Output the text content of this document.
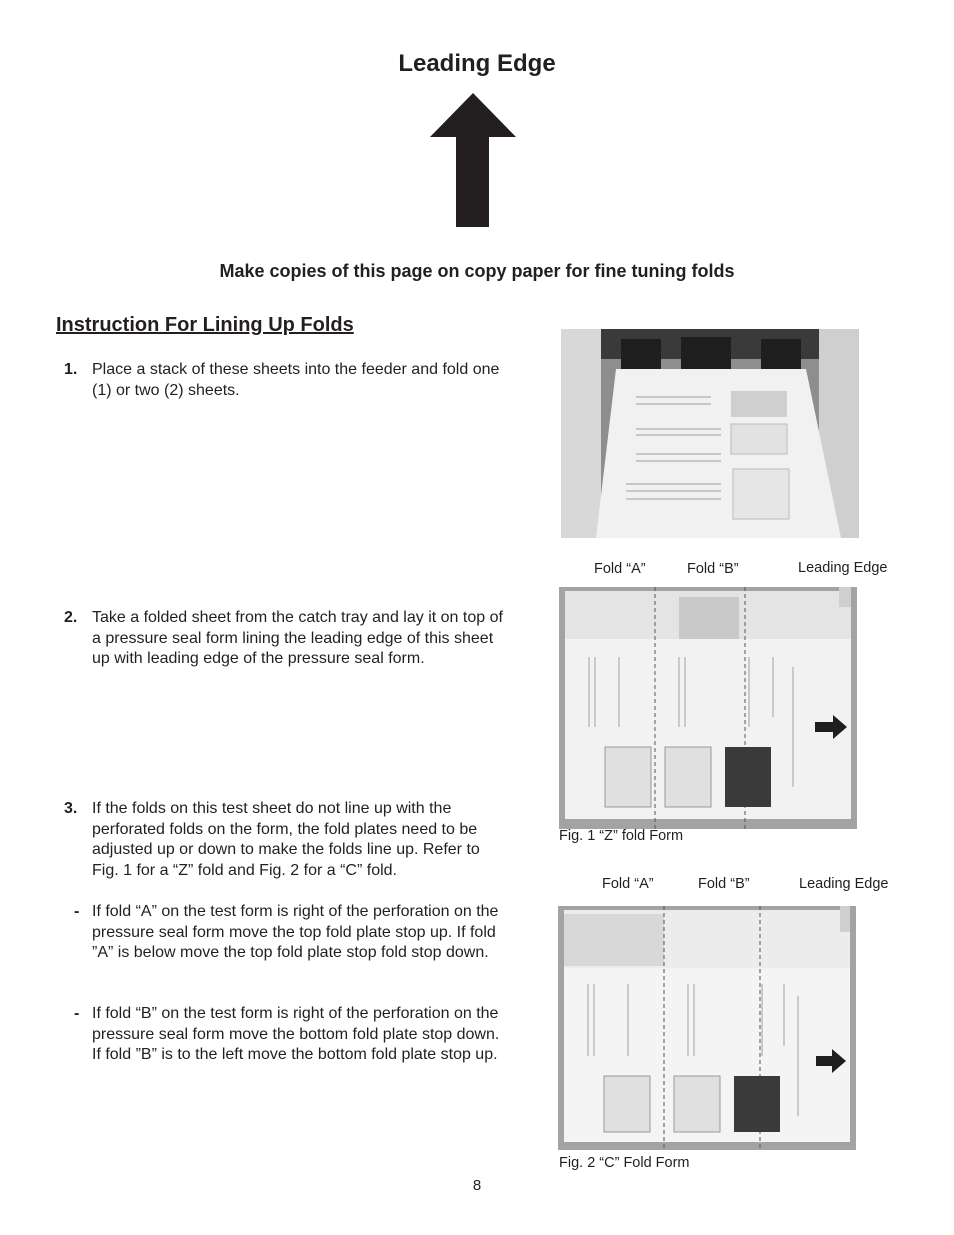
Leading Edge
Make copies of this page on copy paper for fine tuning folds
Instruction For Lining Up Folds
1. Place a stack of these sheets into the feeder and fold one (1) or two (2) sheets.
2. Take a folded sheet from the catch tray and lay it on top of a pressure seal form lining the leading edge of this sheet up with leading edge of the pressure seal form.
3. If the folds on this test sheet do not line up with the perforated folds on the form, the fold plates need to be adjusted up or down to make the folds line up. Refer to Fig. 1 for a “Z” fold and Fig. 2 for a “C” fold.
- If fold “A” on the test form is right of the perforation on the pressure seal form move the top fold plate stop up. If fold ”A” is below move the top fold plate stop fold stop down.
- If fold “B” on the test form is right of the perforation on the pressure seal form move the bottom fold plate stop down. If fold ”B” is to the left move the bottom fold plate stop up.
Fold “A”	Fold “B”	Leading Edge
Fig. 1 “Z” fold Form
Fold “A”	Fold “B”	Leading Edge
Fig. 2 “C” Fold Form
8
